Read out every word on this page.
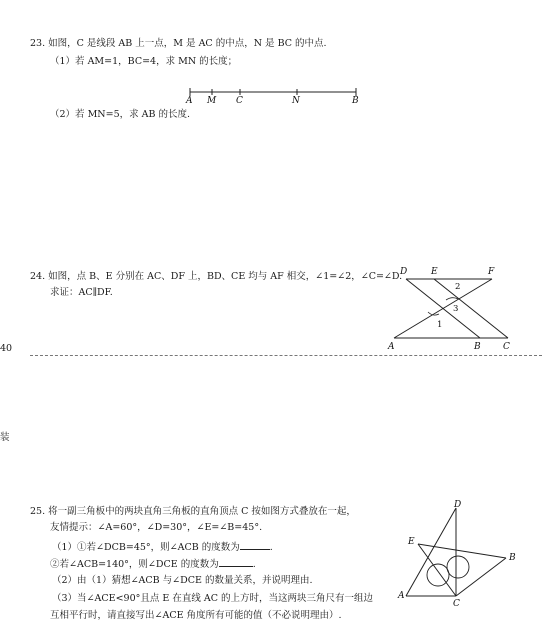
40
装
23. 如图，C 是线段 AB 上一点，M 是 AC 的中点，N 是 BC 的中点.
（1）若 AM=1，BC=4，求 MN 的长度；
A M C	N	B
（2）若 MN=5，求 AB 的长度.
24. 如图，点 B、E 分别在 AC、DF 上，BD、CE 均与 AF 相交，∠1=∠2，∠C=∠D.
求证：AC∥DF.
D	E	F
A	B C
2
3
1
25. 将一副三角板中的两块直角三角板的直角顶点 C 按如图方式叠放在一起，
友情提示：∠A=60°，∠D=30°，∠E=∠B=45°.
（1）①若∠DCB=45°，则∠ACB 的度数为	.
②若∠ACB=140°，则∠DCE 的度数为	.
（2）由（1）猜想∠ACB 与∠DCE 的数量关系，并说明理由.
（3）当∠ACE<90°且点 E 在直线 AC 的上方时，当这两块三角尺有一组边
互相平行时，请直接写出∠ACE 角度所有可能的值（不必说明理由）.
D
E
B
A
C
